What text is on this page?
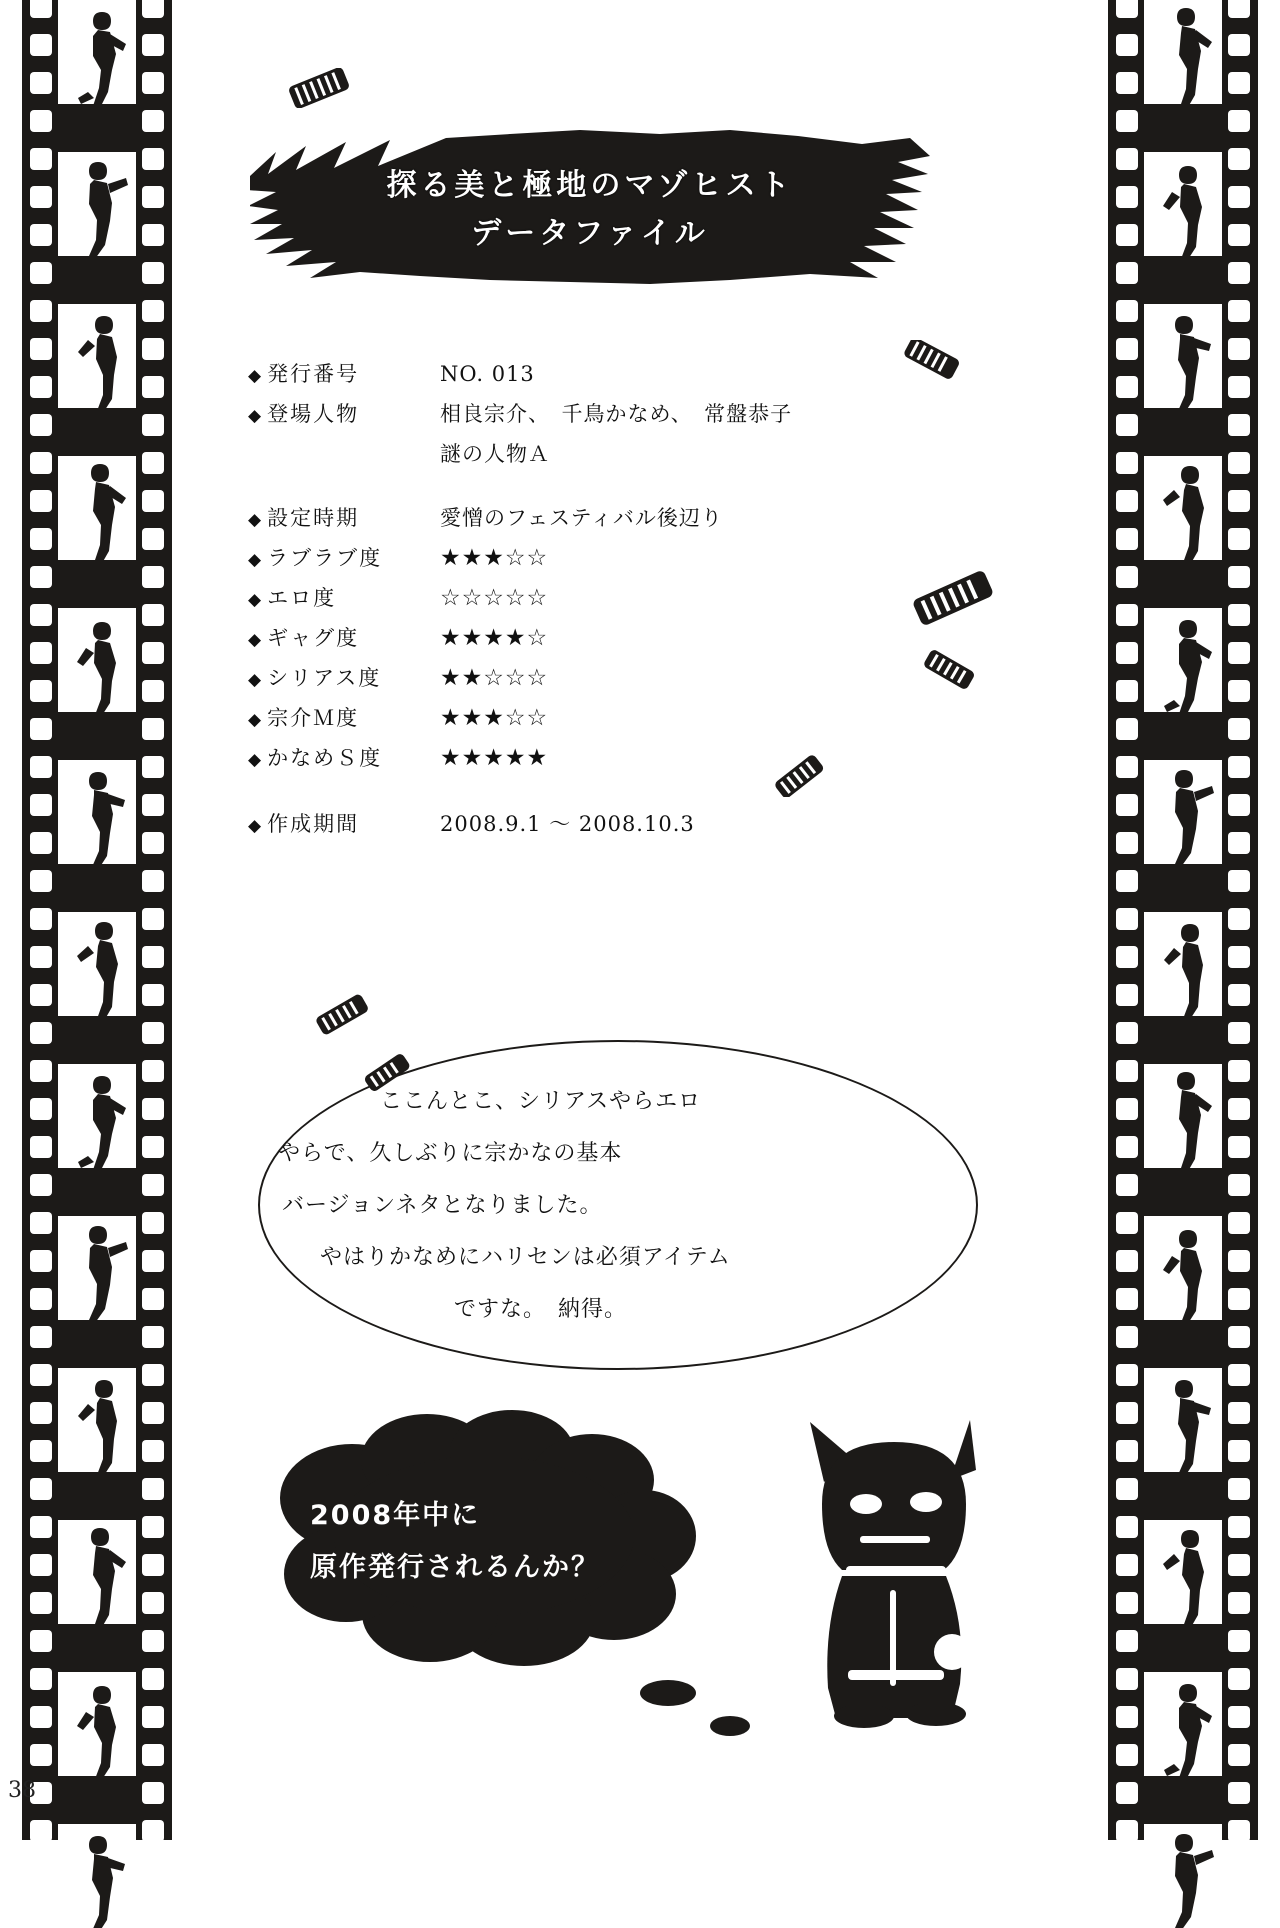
探る美と極地のマゾヒスト
データファイル
◆ 発行番号	NO. 013
◆ 登場人物	相良宗介、　千鳥かなめ、　常盤恭子
謎の人物Ａ
◆ 設定時期	愛憎のフェスティバル後辺り
◆ ラブラブ度	★★★☆☆
◆ エロ度	☆☆☆☆☆
◆ ギャグ度	★★★★☆
◆ シリアス度	★★☆☆☆
◆ 宗介Ｍ度	★★★☆☆
◆ かなめＳ度	★★★★★
◆ 作成期間	2008.9.1 ～ 2008.10.3
ここんとこ、シリアスやらエロ
やらで、久しぶりに宗かなの基本
バージョンネタとなりました。
やはりかなめにハリセンは必須アイテム
ですな。　納得。
2008年中に
原作発行されるんか？
38
